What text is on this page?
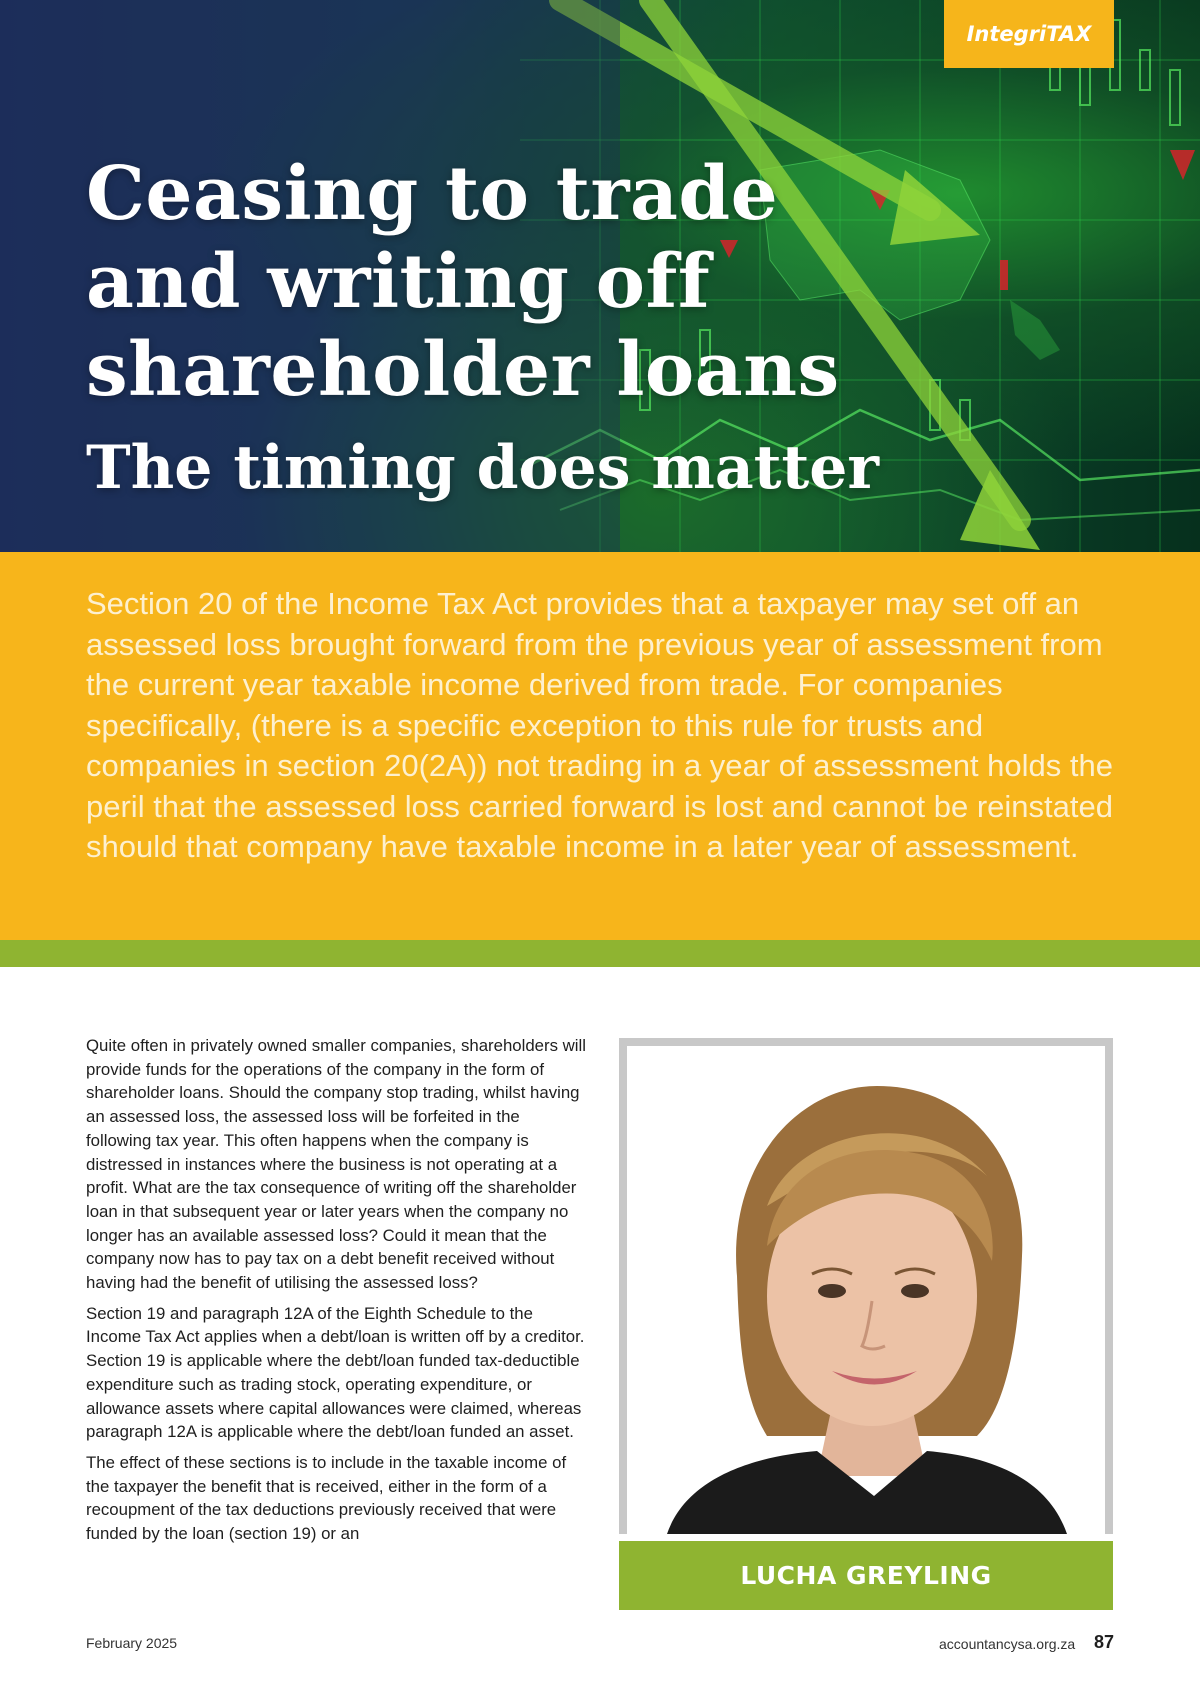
IntegriTAX
Ceasing to trade and writing off shareholder loans
The timing does matter

Section 20 of the Income Tax Act provides that a taxpayer may set off an assessed loss brought forward from the previous year of assessment from the current year taxable income derived from trade. For companies specifically, (there is a specific exception to this rule for trusts and companies in section 20(2A)) not trading in a year of assessment holds the peril that the assessed loss carried forward is lost and cannot be reinstated should that company have taxable income in a later year of assessment.

Quite often in privately owned smaller companies, shareholders will provide funds for the operations of the company in the form of shareholder loans. Should the company stop trading, whilst having an assessed loss, the assessed loss will be forfeited in the following tax year. This often happens when the company is distressed in instances where the business is not operating at a profit. What are the tax consequence of writing off the shareholder loan in that subsequent year or later years when the company no longer has an available assessed loss? Could it mean that the company now has to pay tax on a debt benefit received without having had the benefit of utilising the assessed loss?

Section 19 and paragraph 12A of the Eighth Schedule to the Income Tax Act applies when a debt/loan is written off by a creditor. Section 19 is applicable where the debt/loan funded tax-deductible expenditure such as trading stock, operating expenditure, or allowance assets where capital allowances were claimed, whereas paragraph 12A is applicable where the debt/loan funded an asset.

The effect of these sections is to include in the taxable income of the taxpayer the benefit that is received, either in the form of a recoupment of the tax deductions previously received that were funded by the loan (section 19) or an

LUCHA GREYLING
February 2025	accountancysa.org.za 87
